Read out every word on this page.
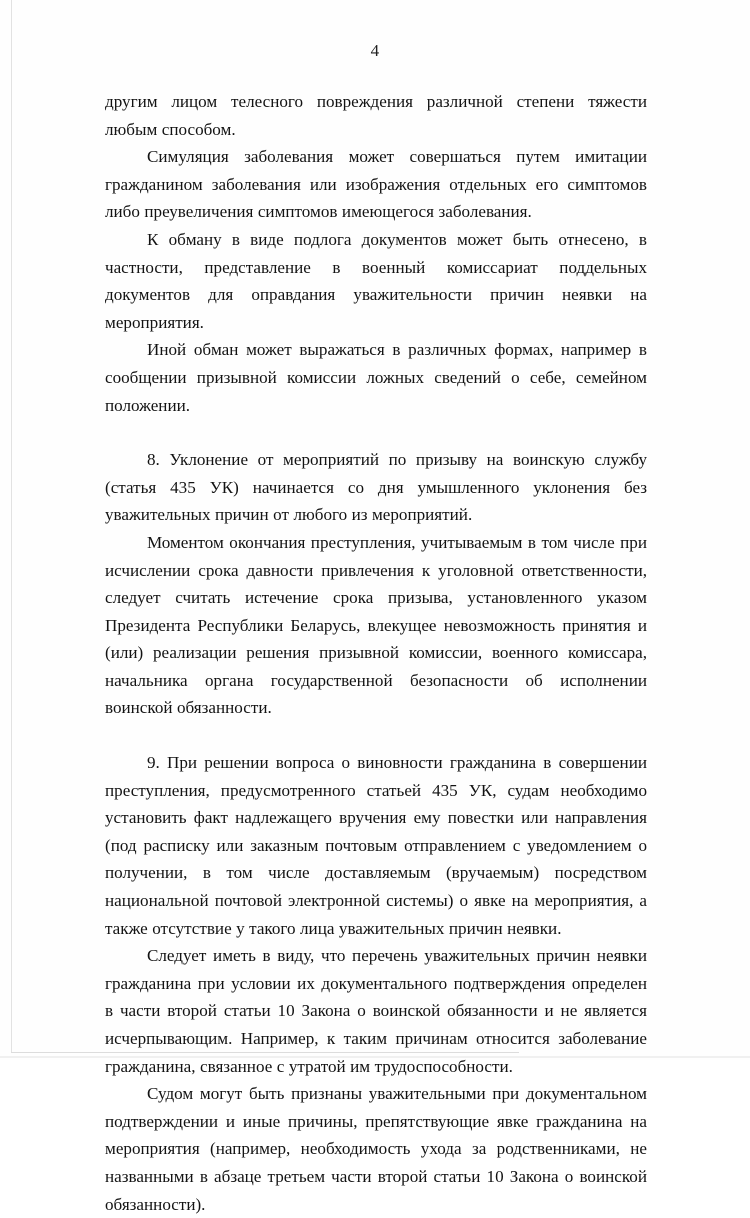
4

другим лицом телесного повреждения различной степени тяжести любым способом.

Симуляция заболевания может совершаться путем имитации гражданином заболевания или изображения отдельных его симптомов либо преувеличения симптомов имеющегося заболевания.

К обману в виде подлога документов может быть отнесено, в частности, представление в военный комиссариат поддельных документов для оправдания уважительности причин неявки на мероприятия.

Иной обман может выражаться в различных формах, например в сообщении призывной комиссии ложных сведений о себе, семейном положении.

8. Уклонение от мероприятий по призыву на воинскую службу (статья 435 УК) начинается со дня умышленного уклонения без уважительных причин от любого из мероприятий.

Моментом окончания преступления, учитываемым в том числе при исчислении срока давности привлечения к уголовной ответственности, следует считать истечение срока призыва, установленного указом Президента Республики Беларусь, влекущее невозможность принятия и (или) реализации решения призывной комиссии, военного комиссара, начальника органа государственной безопасности об исполнении воинской обязанности.

9. При решении вопроса о виновности гражданина в совершении преступления, предусмотренного статьей 435 УК, судам необходимо установить факт надлежащего вручения ему повестки или направления (под расписку или заказным почтовым отправлением с уведомлением о получении, в том числе доставляемым (вручаемым) посредством национальной почтовой электронной системы) о явке на мероприятия, а также отсутствие у такого лица уважительных причин неявки.

Следует иметь в виду, что перечень уважительных причин неявки гражданина при условии их документального подтверждения определен в части второй статьи 10 Закона о воинской обязанности и не является исчерпывающим. Например, к таким причинам относится заболевание гражданина, связанное с утратой им трудоспособности.

Судом могут быть признаны уважительными при документальном подтверждении и иные причины, препятствующие явке гражданина на мероприятия (например, необходимость ухода за родственниками, не названными в абзаце третьем части второй статьи 10 Закона о воинской обязанности).
